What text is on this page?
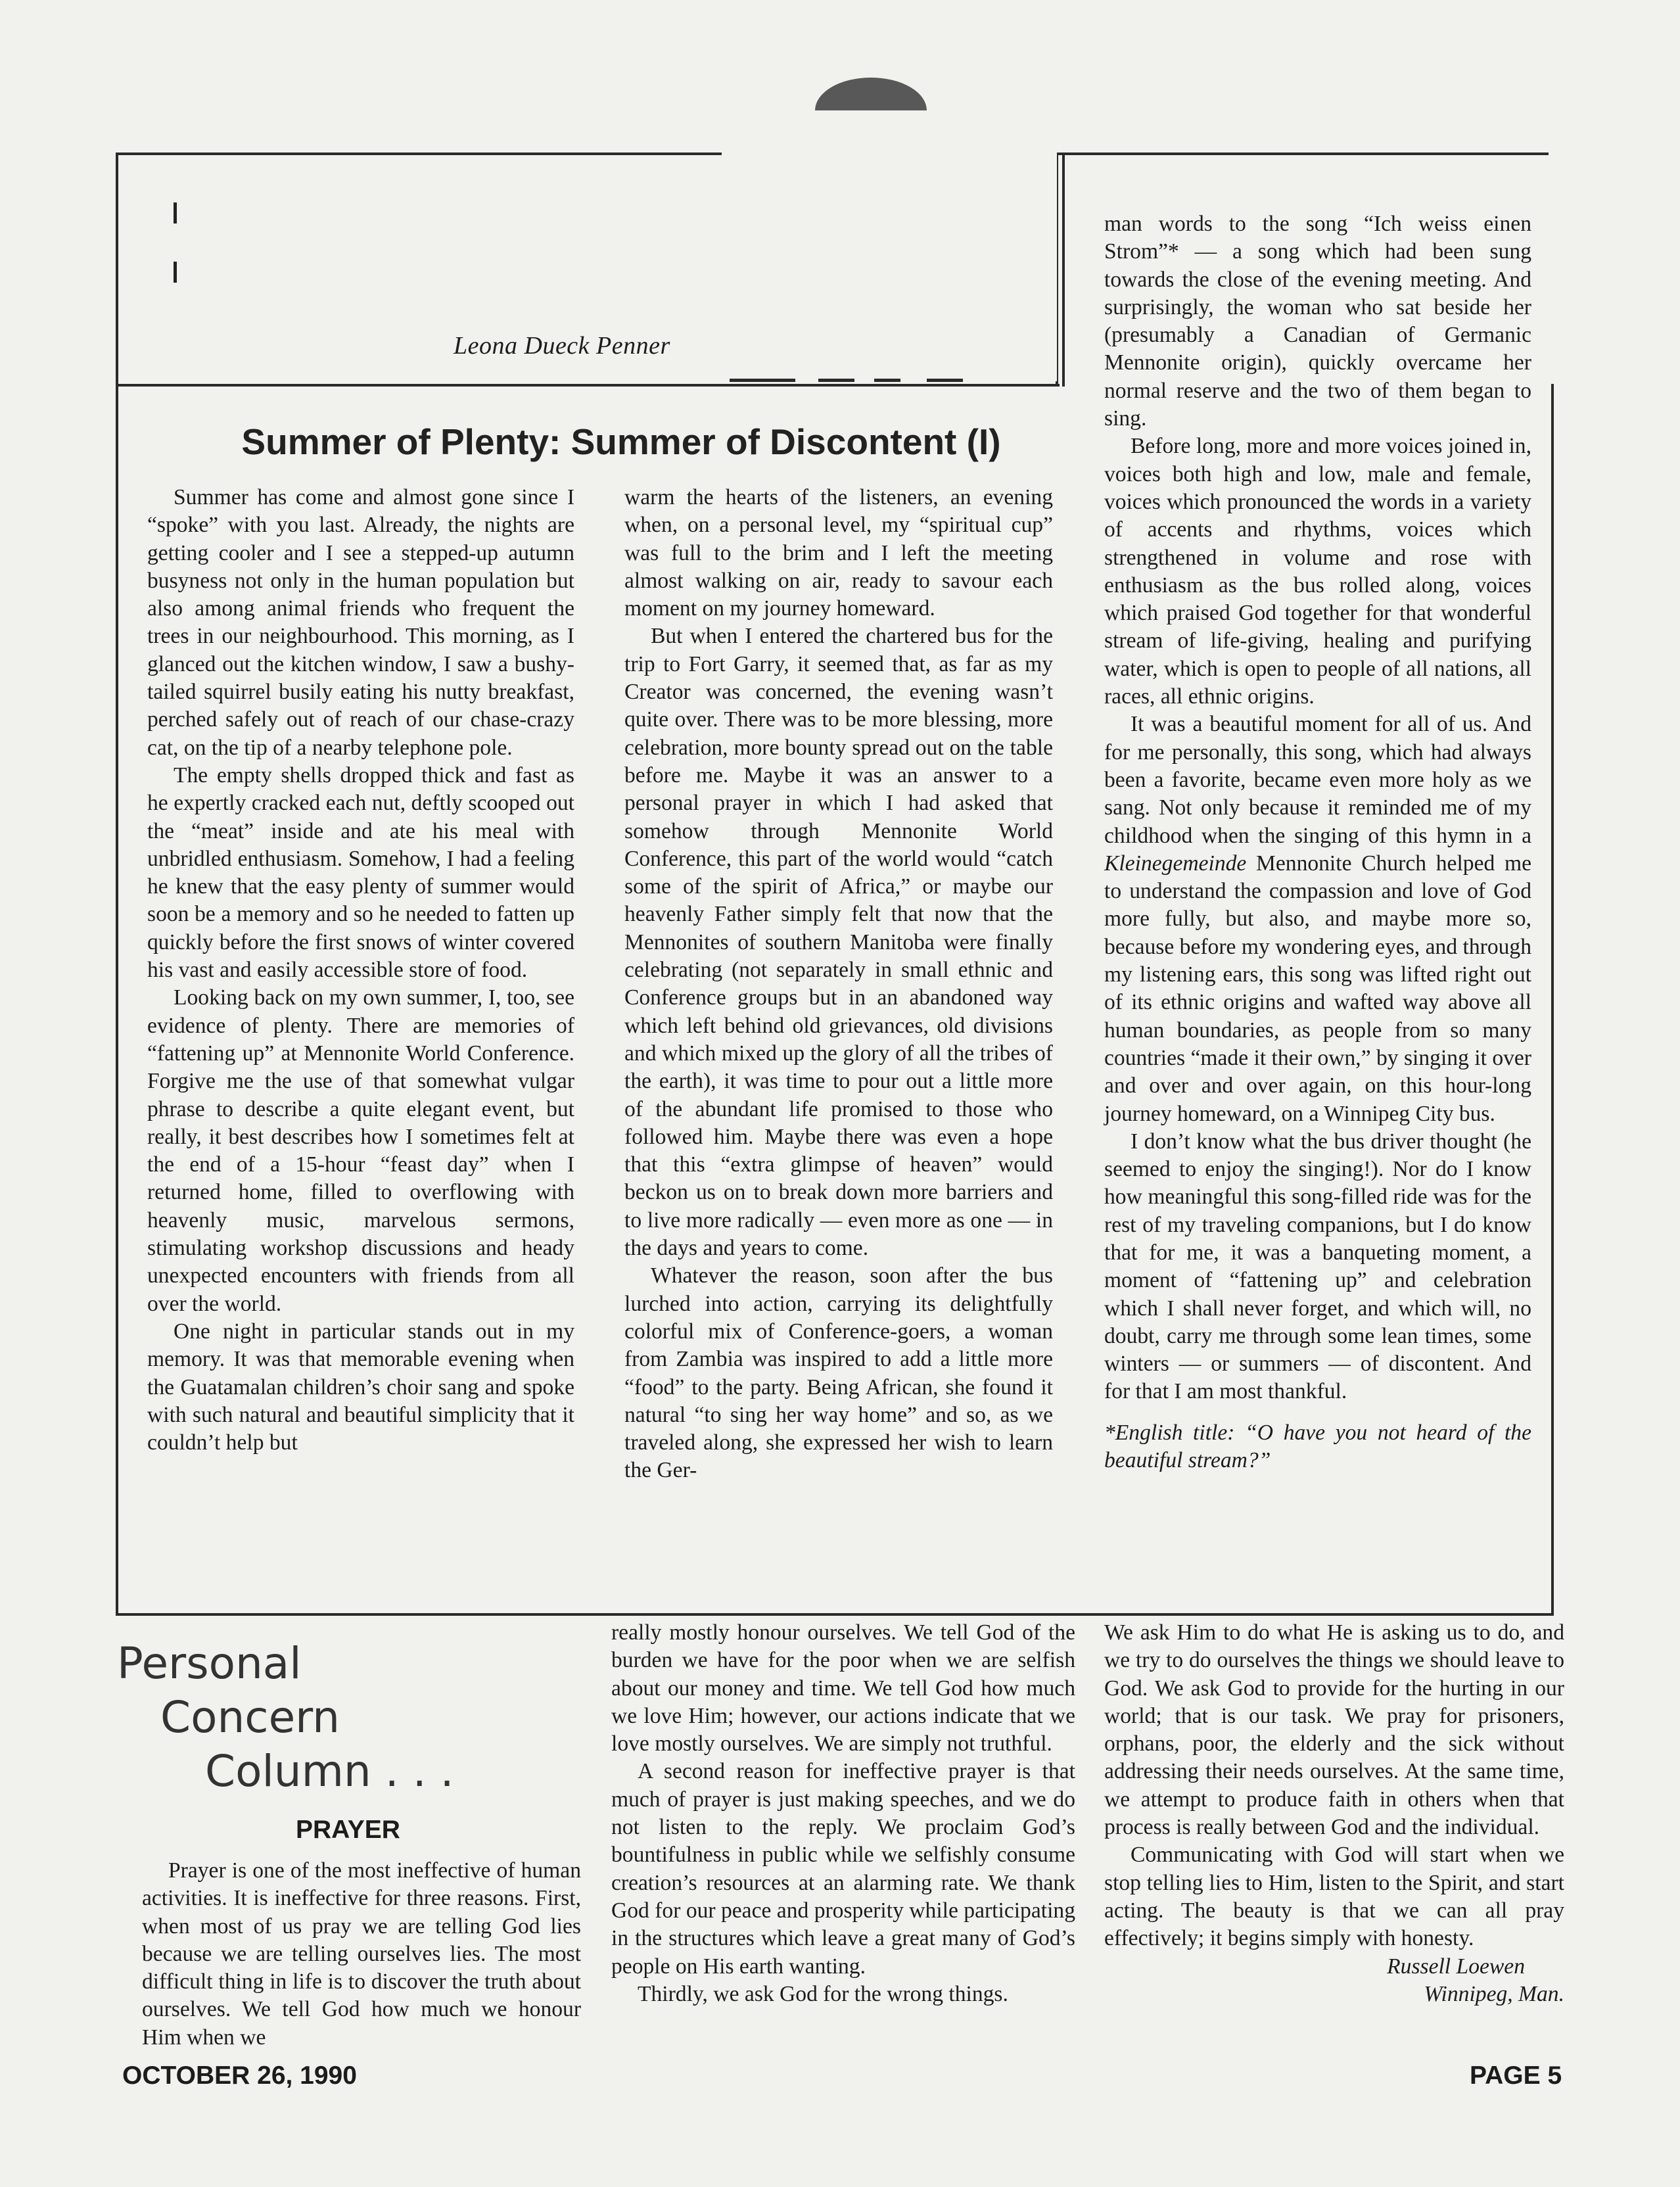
Leona Dueck Penner
Summer of Plenty: Summer of Discontent (I)

Summer has come and almost gone since I “spoke” with you last. Already, the nights are getting cooler and I see a stepped-up autumn busyness not only in the human population but also among animal friends who frequent the trees in our neighbourhood. This morning, as I glanced out the kitchen window, I saw a bushy-tailed squirrel busily eating his nutty breakfast, perched safely out of reach of our chase-crazy cat, on the tip of a nearby telephone pole.

The empty shells dropped thick and fast as he expertly cracked each nut, deftly scooped out the “meat” inside and ate his meal with unbridled enthusiasm. Somehow, I had a feeling he knew that the easy plenty of summer would soon be a memory and so he needed to fatten up quickly before the first snows of winter covered his vast and easily accessible store of food.

Looking back on my own summer, I, too, see evidence of plenty. There are memories of “fattening up” at Mennonite World Conference. Forgive me the use of that somewhat vulgar phrase to describe a quite elegant event, but really, it best describes how I sometimes felt at the end of a 15-hour “feast day” when I returned home, filled to overflowing with heavenly music, marvelous sermons, stimulating workshop discussions and heady unexpected encounters with friends from all over the world.

One night in particular stands out in my memory. It was that memorable evening when the Guatamalan children’s choir sang and spoke with such natural and beautiful simplicity that it couldn’t help but

warm the hearts of the listeners, an evening when, on a personal level, my “spiritual cup” was full to the brim and I left the meeting almost walking on air, ready to savour each moment on my journey homeward.

But when I entered the chartered bus for the trip to Fort Garry, it seemed that, as far as my Creator was concerned, the evening wasn’t quite over. There was to be more blessing, more celebration, more bounty spread out on the table before me. Maybe it was an answer to a personal prayer in which I had asked that somehow through Mennonite World Conference, this part of the world would “catch some of the spirit of Africa,” or maybe our heavenly Father simply felt that now that the Mennonites of southern Manitoba were finally celebrating (not separately in small ethnic and Conference groups but in an abandoned way which left behind old grievances, old divisions and which mixed up the glory of all the tribes of the earth), it was time to pour out a little more of the abundant life promised to those who followed him. Maybe there was even a hope that this “extra glimpse of heaven” would beckon us on to break down more barriers and to live more radically — even more as one — in the days and years to come.

Whatever the reason, soon after the bus lurched into action, carrying its delightfully colorful mix of Conference-goers, a woman from Zambia was inspired to add a little more “food” to the party. Being African, she found it natural “to sing her way home” and so, as we traveled along, she expressed her wish to learn the Ger-

man words to the song “Ich weiss einen Strom”* — a song which had been sung towards the close of the evening meeting. And surprisingly, the woman who sat beside her (presumably a Canadian of Germanic Mennonite origin), quickly overcame her normal reserve and the two of them began to sing.

Before long, more and more voices joined in, voices both high and low, male and female, voices which pronounced the words in a variety of accents and rhythms, voices which strengthened in volume and rose with enthusiasm as the bus rolled along, voices which praised God together for that wonderful stream of life-giving, healing and purifying water, which is open to people of all nations, all races, all ethnic origins.

It was a beautiful moment for all of us. And for me personally, this song, which had always been a favorite, became even more holy as we sang. Not only because it reminded me of my childhood when the singing of this hymn in a Kleinegemeinde Mennonite Church helped me to understand the compassion and love of God more fully, but also, and maybe more so, because before my wondering eyes, and through my listening ears, this song was lifted right out of its ethnic origins and wafted way above all human boundaries, as people from so many countries “made it their own,” by singing it over and over and over again, on this hour-long journey homeward, on a Winnipeg City bus.

I don’t know what the bus driver thought (he seemed to enjoy the singing!). Nor do I know how meaningful this song-filled ride was for the rest of my traveling companions, but I do know that for me, it was a banqueting moment, a moment of “fattening up” and celebration which I shall never forget, and which will, no doubt, carry me through some lean times, some winters — or summers — of discontent. And for that I am most thankful.

*English title: “O have you not heard of the beautiful stream?”

Personal
Concern
Column . . .
PRAYER

Prayer is one of the most ineffective of human activities. It is ineffective for three reasons. First, when most of us pray we are telling God lies because we are telling ourselves lies. The most difficult thing in life is to discover the truth about ourselves. We tell God how much we honour Him when we

really mostly honour ourselves. We tell God of the burden we have for the poor when we are selfish about our money and time. We tell God how much we love Him; however, our actions indicate that we love mostly ourselves. We are simply not truthful.

A second reason for ineffective prayer is that much of prayer is just making speeches, and we do not listen to the reply. We proclaim God’s bountifulness in public while we selfishly consume creation’s resources at an alarming rate. We thank God for our peace and prosperity while participating in the structures which leave a great many of God’s people on His earth wanting.

Thirdly, we ask God for the wrong things.

We ask Him to do what He is asking us to do, and we try to do ourselves the things we should leave to God. We ask God to provide for the hurting in our world; that is our task. We pray for prisoners, orphans, poor, the elderly and the sick without addressing their needs ourselves. At the same time, we attempt to produce faith in others when that process is really between God and the individual.

Communicating with God will start when we stop telling lies to Him, listen to the Spirit, and start acting. The beauty is that we can all pray effectively; it begins simply with honesty.

Russell Loewen

Winnipeg, Man.

OCTOBER 26, 1990	PAGE 5
